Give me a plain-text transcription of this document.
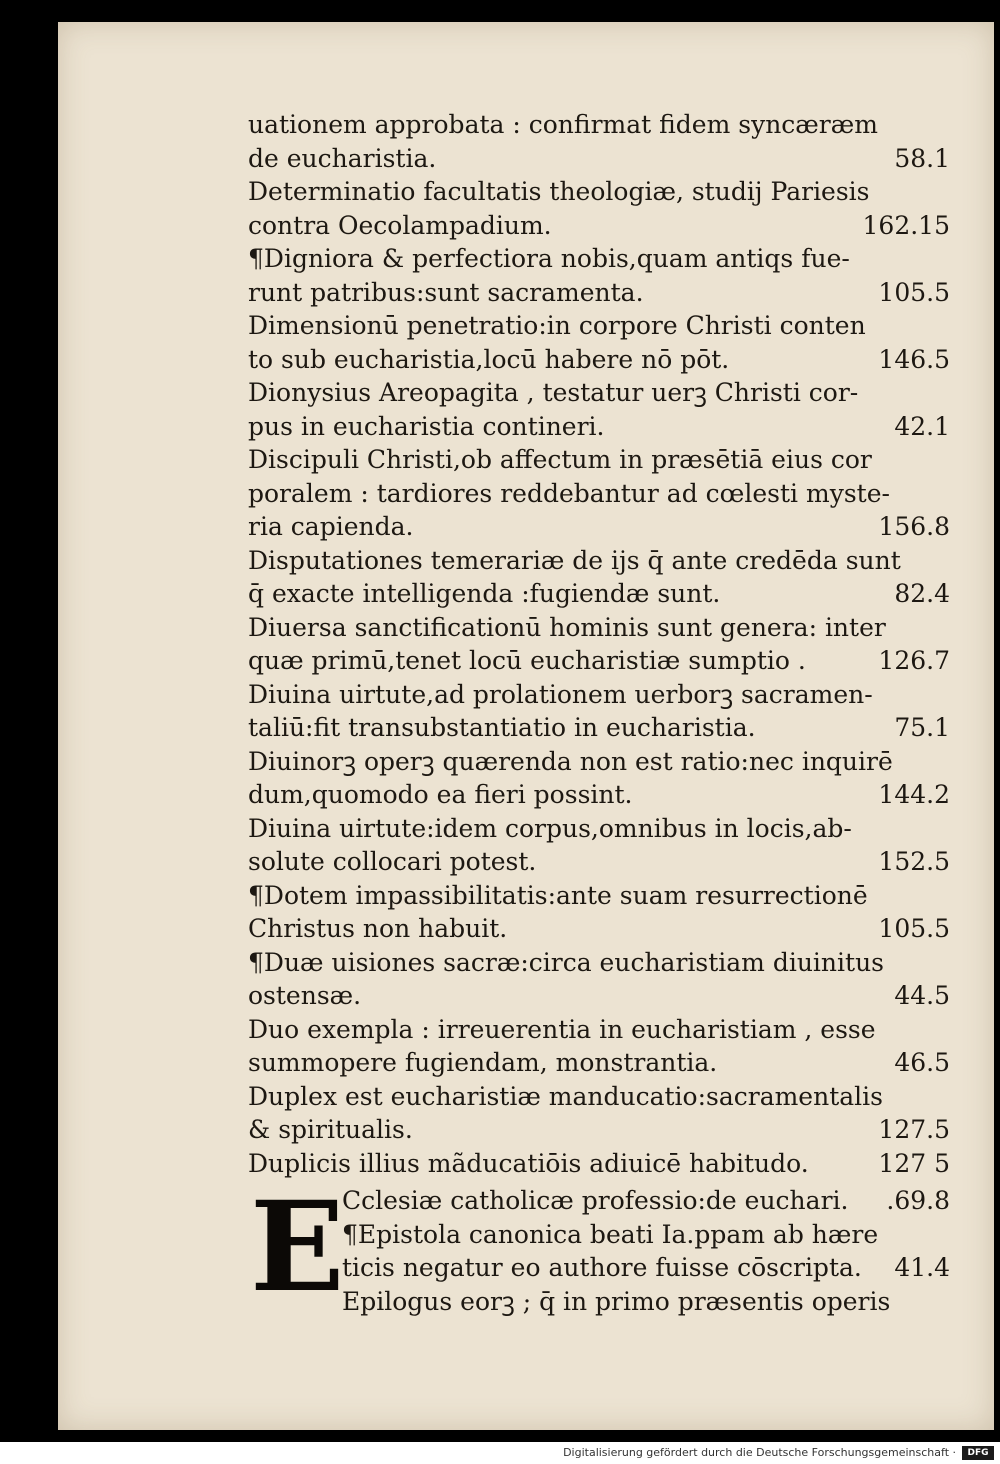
uationem approbata : confirmat fidem syncæræm
de eucharistia.	58.1
Determinatio facultatis theologiæ, studij Pariesis
contra Oecolampadium.	162.15
¶Digniora & perfectiora nobis,quam antiqs fue-
runt patribus:sunt sacramenta.	105.5
Dimensionū penetratio:in corpore Christi conten
to sub eucharistia,locū habere nō pōt.	146.5
Dionysius Areopagita , testatur uerꝫ Christi cor-
pus in eucharistia contineri.	42.1
Discipuli Christi,ob affectum in præsētiā eius cor
poralem : tardiores reddebantur ad cœlesti myste-
ria capienda.	156.8
Disputationes temerariæ de ijs q̄ ante credēda sunt
q̄ exacte intelligenda :fugiendæ sunt.	82.4
Diuersa sanctificationū hominis sunt genera: inter
quæ primū,tenet locū eucharistiæ sumptio .	126.7
Diuina uirtute,ad prolationem uerborꝫ sacramen-
taliū:fit transubstantiatio in eucharistia.	75.1
Diuinorꝫ operꝫ quærenda non est ratio:nec inquirē
dum,quomodo ea fieri possint.	144.2
Diuina uirtute:idem corpus,omnibus in locis,ab-
solute collocari potest.	152.5
¶Dotem impassibilitatis:ante suam resurrectionē
Christus non habuit.	105.5
¶Duæ uisiones sacræ:circa eucharistiam diuinitus
ostensæ.	44.5
Duo exempla : irreuerentia in eucharistiam , esse
summopere fugiendam, monstrantia.	46.5
Duplex est eucharistiæ manducatio:sacramentalis
& spiritualis.	127.5
Duplicis illius mãducatiōis adiuicē habitudo.	127 5
E
Cclesiæ catholicæ professio:de euchari. .69.8
¶Epistola canonica beati Ia.ppam ab hære
ticis negatur eo authore fuisse cōscripta. 41.4
Epilogus eorꝫ ; q̄ in primo præsentis operis
Digitalisierung gefördert durch die Deutsche Forschungsgemeinschaft ·	DFG
